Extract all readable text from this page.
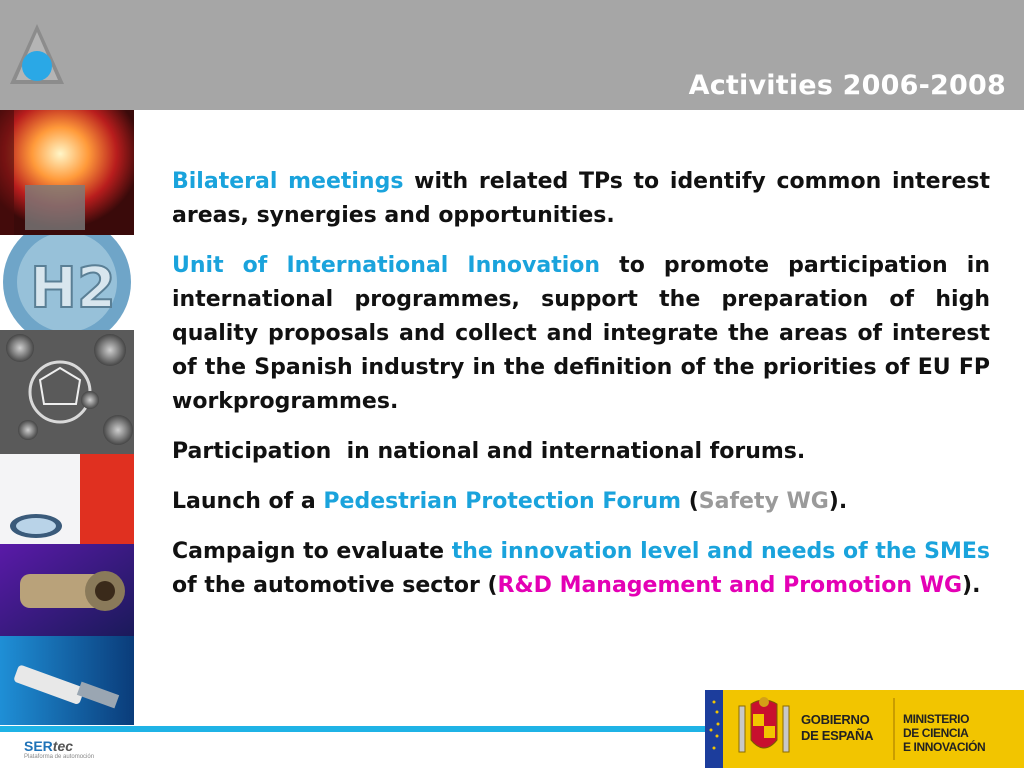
Activities 2006-2008
H2

Bilateral meetings with related TPs to identify common interest areas, synergies and opportunities.

Unit of International Innovation to promote participation in international programmes, support the preparation of high quality proposals and collect and integrate the areas of interest of the Spanish industry in the definition of the priorities of EU FP workprogrammes.

Participation  in national and international forums.

Launch of a Pedestrian Protection Forum (Safety WG).

Campaign to evaluate the innovation level and needs of the SMEs of the automotive sector (R&D Management and Promotion WG).

SERtec
Plataforma de automoción
GOBIERNO
DE ESPAÑA
MINISTERIO
DE CIENCIA
E INNOVACIÓN
